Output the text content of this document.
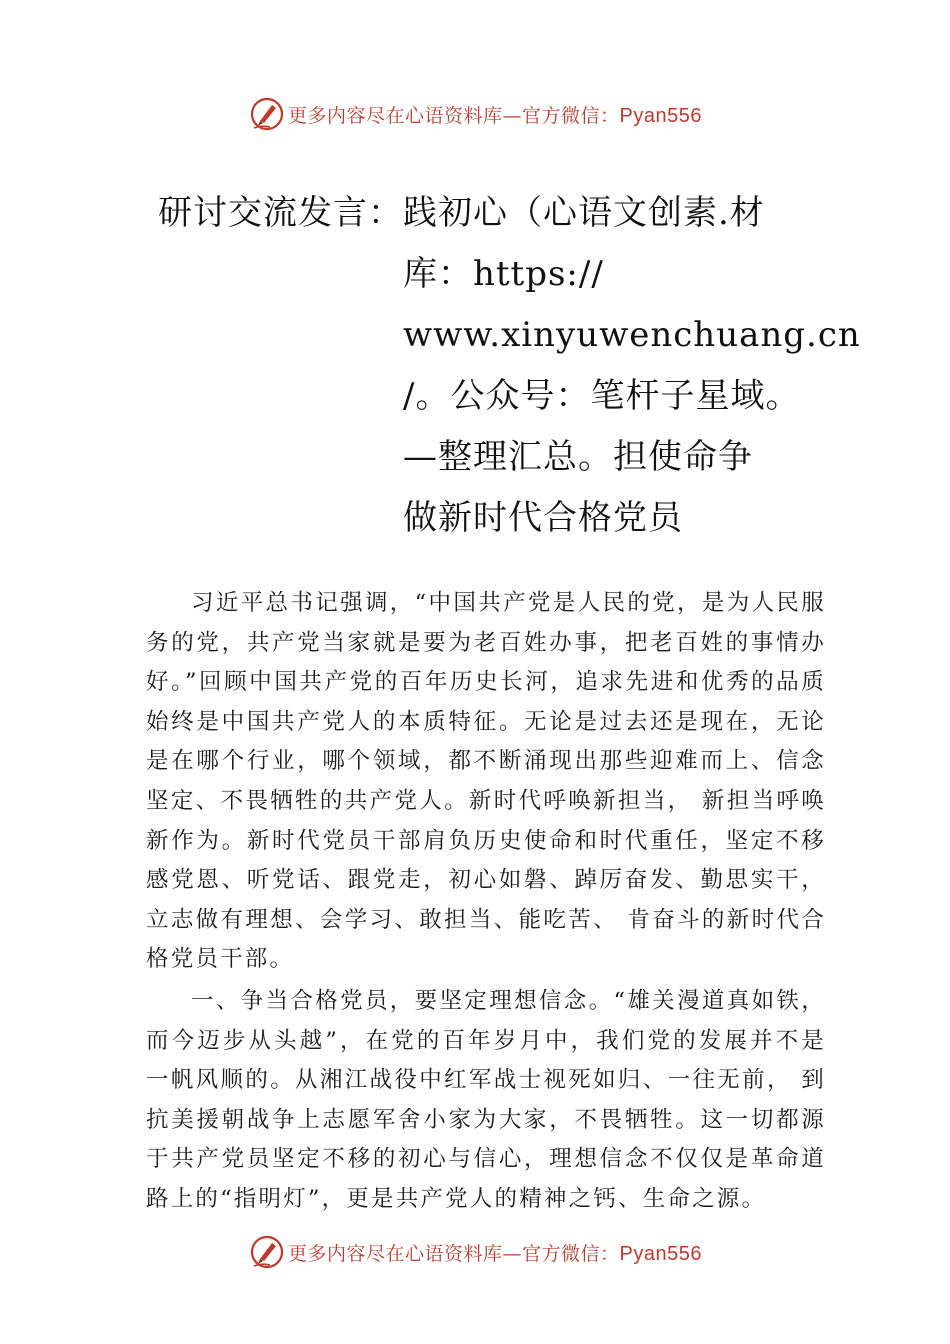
更多内容尽在心语资料库—官方微信：Pyan556
研讨交流发言： 践初心（心语文创素.材
库：https://
www.xinyuwenchuang.cn
/。公众号：笔杆子星域。
—整理汇总。担使命争
做新时代合格党员

习近平总书记强调，“中国共产党是人民的党，是为人民服务的党，共产党当家就是要为老百姓办事，把老百姓的事情办好。”回顾中国共产党的百年历史长河，追求先进和优秀的品质始终是中国共产党人的本质特征。无论是过去还是现在，无论是在哪个行业，哪个领域，都不断涌现出那些迎难而上、信念坚定、不畏牺牲的共产党人。新时代呼唤新担当， 新担当呼唤新作为。新时代党员干部肩负历史使命和时代重任，坚定不移感党恩、听党话、跟党走，初心如磐、踔厉奋发、勤思实干，立志做有理想、会学习、敢担当、能吃苦、 肯奋斗的新时代合格党员干部。

一、争当合格党员，要坚定理想信念。“雄关漫道真如铁，而今迈步从头越”，在党的百年岁月中，我们党的发展并不是一帆风顺的。从湘江战役中红军战士视死如归、一往无前， 到抗美援朝战争上志愿军舍小家为大家，不畏牺牲。这一切都源于共产党员坚定不移的初心与信心，理想信念不仅仅是革命道路上的“指明灯”，更是共产党人的精神之钙、生命之源。

更多内容尽在心语资料库—官方微信：Pyan556
